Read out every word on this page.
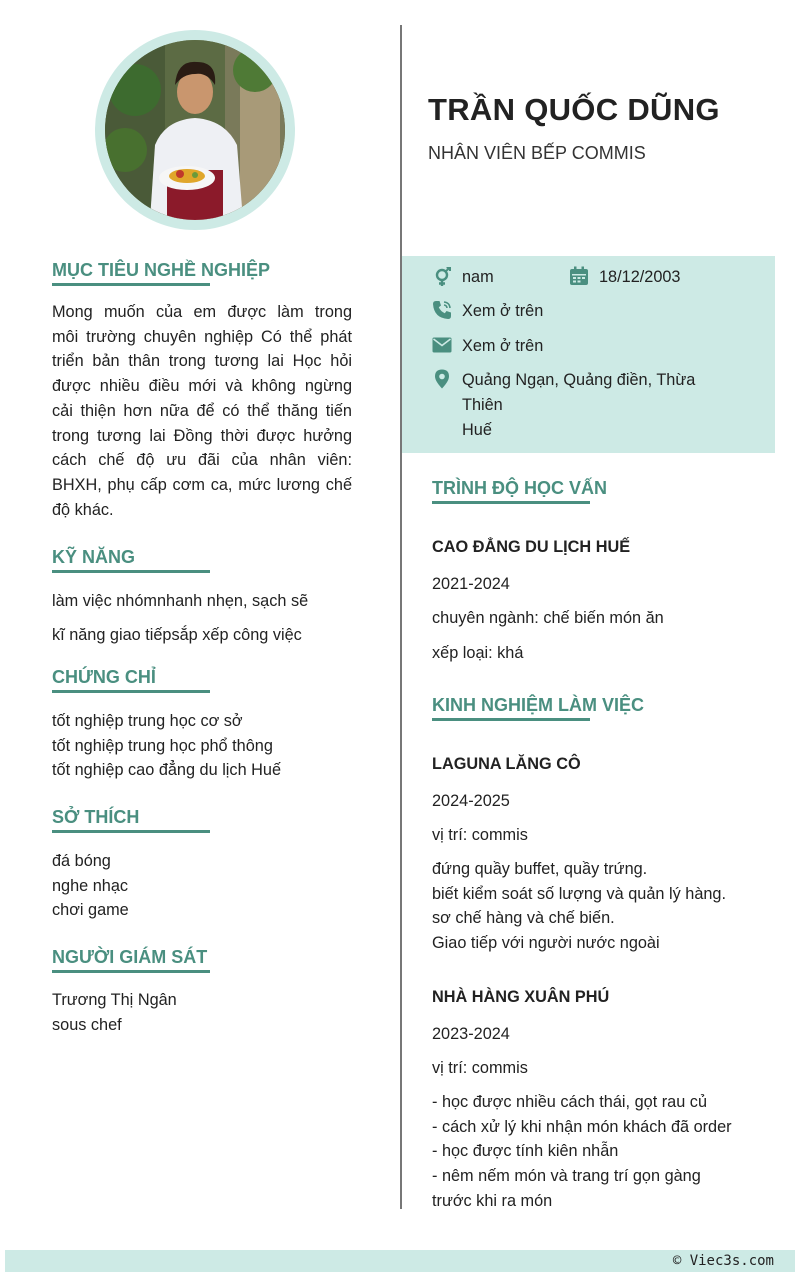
TRẦN QUỐC DŨNG
NHÂN VIÊN BẾP COMMIS
nam	18/12/2003
Xem ở trên
Xem ở trên
Quảng Ngạn, Quảng điền, Thừa
Thiên
Huế
MỤC TIÊU NGHỀ NGHIỆP
Mong muốn của em được làm trong
môi trường chuyên nghiệp Có thể phát
triển bản thân trong tương lai Học hỏi
được nhiều điều mới và không ngừng
cải thiện hơn nữa để có thể thăng tiến
trong tương lai Đồng thời được hưởng
cách chế độ ưu đãi của nhân viên:
BHXH, phụ cấp cơm ca, mức lương chế
độ khác.
KỸ NĂNG
làm việc nhómnhanh nhẹn, sạch sẽ
kĩ năng giao tiếpsắp xếp công việc
CHỨNG CHỈ
tốt nghiệp trung học cơ sở
tốt nghiệp trung học phổ thông
tốt nghiệp cao đẳng du lịch Huế
SỞ THÍCH
đá bóng
nghe nhạc
chơi game
NGƯỜI GIÁM SÁT
Trương Thị Ngân
sous chef
TRÌNH ĐỘ HỌC VẤN
CAO ĐẲNG DU LỊCH HUẾ
2021-2024
chuyên ngành: chế biến món ăn
xếp loại: khá
KINH NGHIỆM LÀM VIỆC
LAGUNA LĂNG CÔ
2024-2025
vị trí: commis
đứng quầy buffet, quầy trứng.
biết kiểm soát số lượng và quản lý hàng.
sơ chế hàng và chế biến.
Giao tiếp với người nước ngoài
NHÀ HÀNG XUÂN PHÚ
2023-2024
vị trí: commis
- học được nhiều cách thái, gọt rau củ
- cách xử lý khi nhận món khách đã order
- học được tính kiên nhẫn
- nêm nếm món và trang trí gọn gàng
trước khi ra món
© Viec3s.com
